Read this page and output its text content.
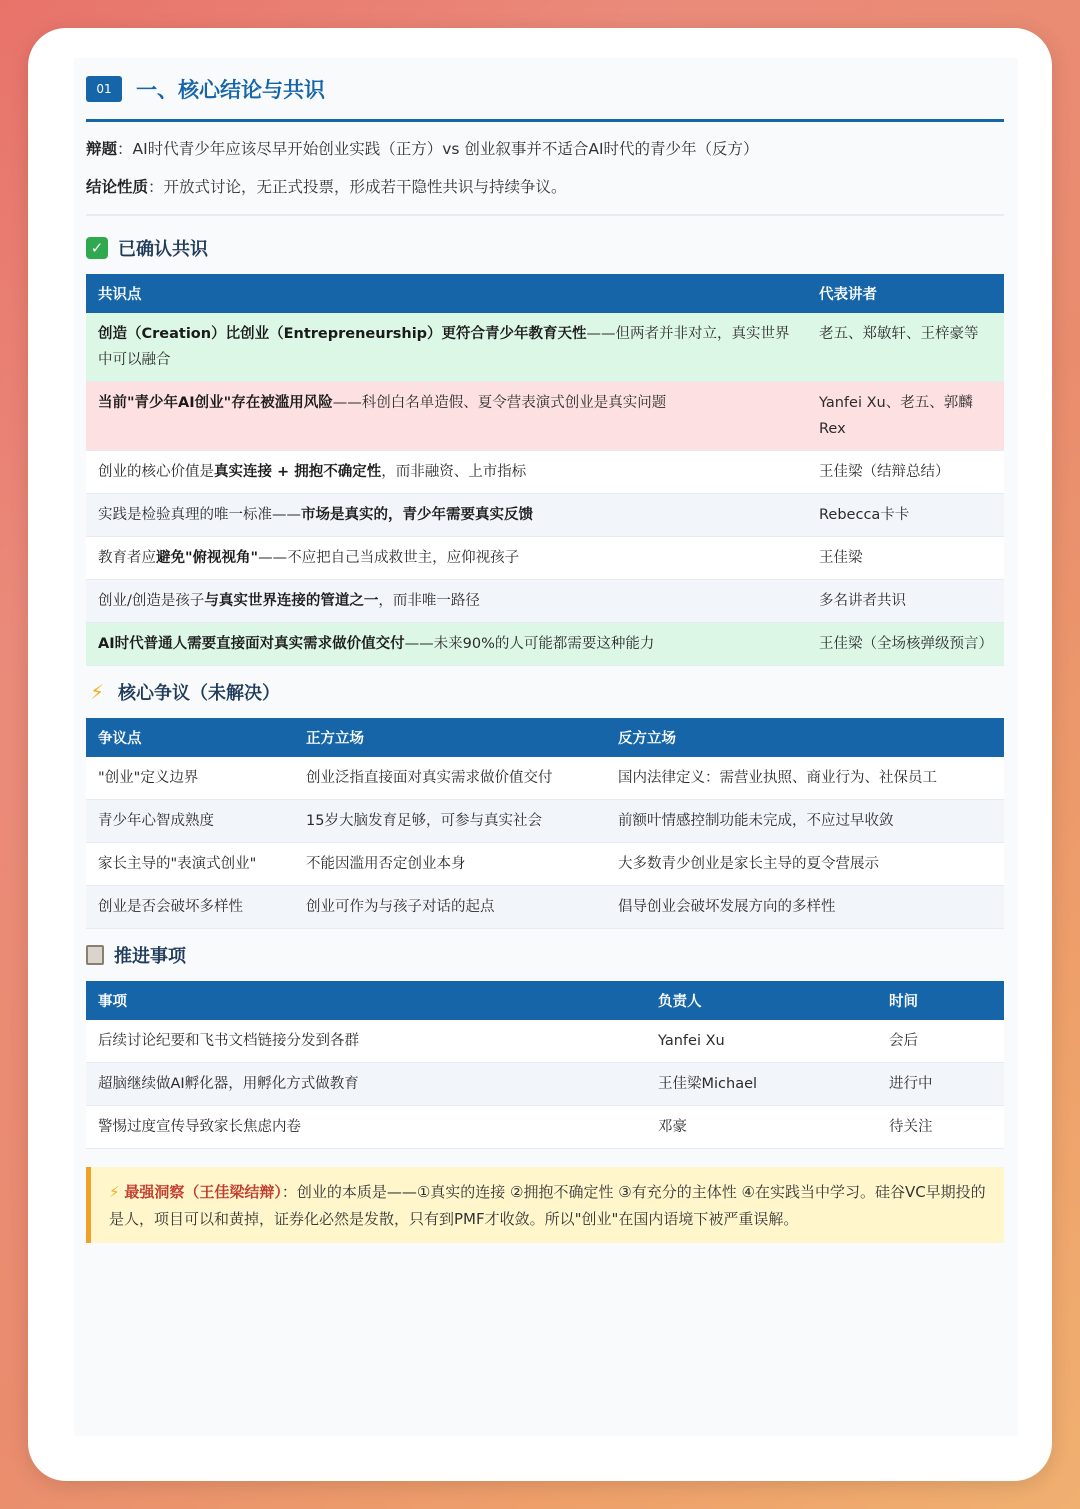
01	一、核心结论与共识
辩题：AI时代青少年应该尽早开始创业实践（正方）vs 创业叙事并不适合AI时代的青少年（反方）
结论性质：开放式讨论，无正式投票，形成若干隐性共识与持续争议。
✓ 已确认共识
共识点	代表讲者
创造（Creation）比创业（Entrepreneurship）更符合青少年教育天性——但两者并非对立，真实世界中可以融合	老五、郑敏轩、王梓豪等
当前"青少年AI创业"存在被滥用风险——科创白名单造假、夏令营表演式创业是真实问题	Yanfei Xu、老五、郭麟Rex
创业的核心价值是真实连接 + 拥抱不确定性，而非融资、上市指标	王佳梁（结辩总结）
实践是检验真理的唯一标准——市场是真实的，青少年需要真实反馈	Rebecca卡卡
教育者应避免"俯视视角"——不应把自己当成救世主，应仰视孩子	王佳梁
创业/创造是孩子与真实世界连接的管道之一，而非唯一路径	多名讲者共识
AI时代普通人需要直接面对真实需求做价值交付——未来90%的人可能都需要这种能力	王佳梁（全场核弹级预言）
⚡ 核心争议（未解决）
争议点	正方立场	反方立场
"创业"定义边界	创业泛指直接面对真实需求做价值交付	国内法律定义：需营业执照、商业行为、社保员工
青少年心智成熟度	15岁大脑发育足够，可参与真实社会	前额叶情感控制功能未完成，不应过早收敛
家长主导的"表演式创业"	不能因滥用否定创业本身	大多数青少创业是家长主导的夏令营展示
创业是否会破坏多样性	创业可作为与孩子对话的起点	倡导创业会破坏发展方向的多样性
推进事项
事项	负责人	时间
后续讨论纪要和飞书文档链接分发到各群	Yanfei Xu	会后
超脑继续做AI孵化器，用孵化方式做教育	王佳梁Michael	进行中
警惕过度宣传导致家长焦虑内卷	邓豪	待关注
⚡ 最强洞察（王佳梁结辩）：创业的本质是——①真实的连接 ②拥抱不确定性 ③有充分的主体性 ④在实践当中学习。硅谷VC早期投的是人，项目可以和黄掉，证券化必然是发散，只有到PMF才收敛。所以"创业"在国内语境下被严重误解。
